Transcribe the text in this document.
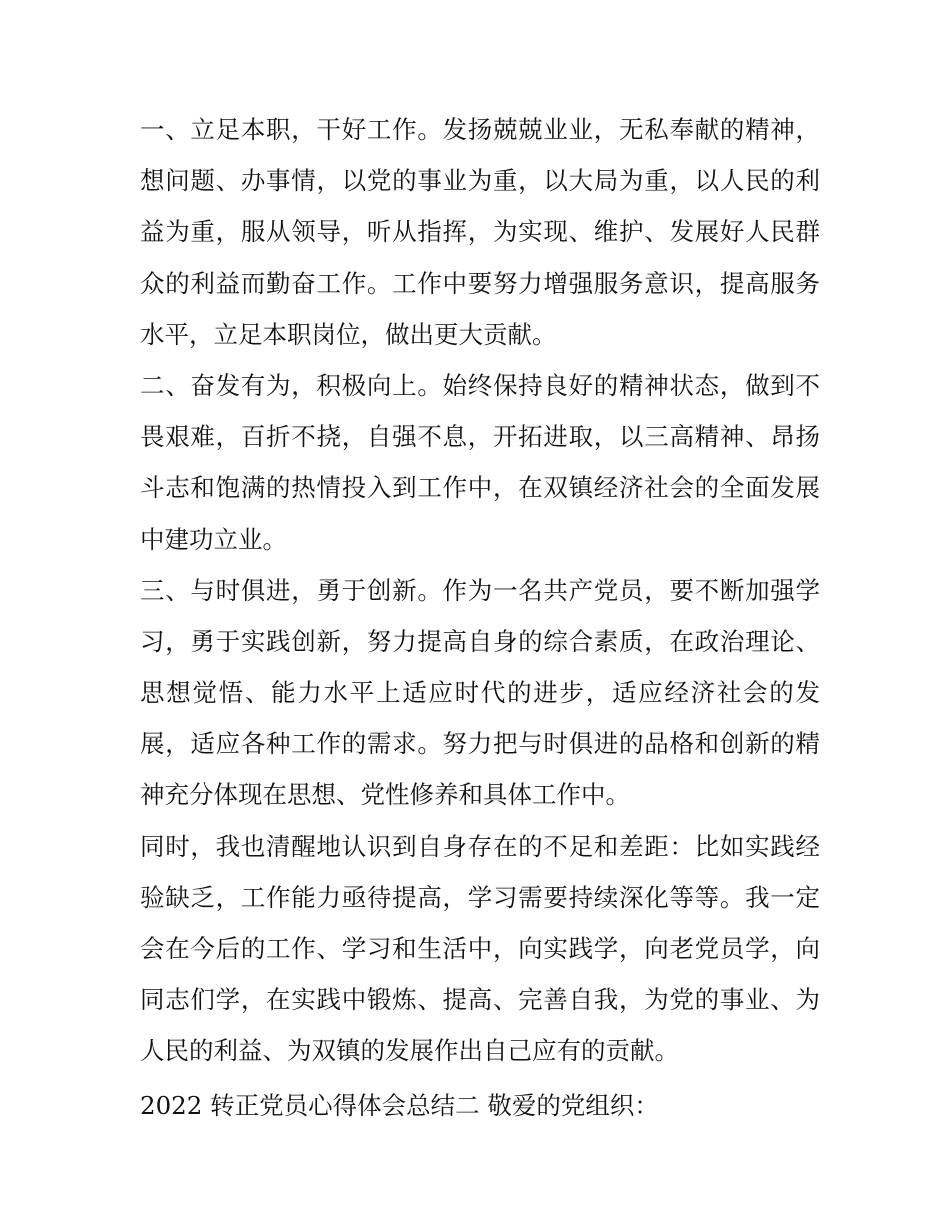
一、立足本职，干好工作。发扬兢兢业业，无私奉献的精神，
想问题、办事情，以党的事业为重，以大局为重，以人民的利
益为重，服从领导，听从指挥，为实现、维护、发展好人民群
众的利益而勤奋工作。工作中要努力增强服务意识，提高服务
水平，立足本职岗位，做出更大贡献。
二、奋发有为，积极向上。始终保持良好的精神状态，做到不
畏艰难，百折不挠，自强不息，开拓进取，以三高精神、昂扬
斗志和饱满的热情投入到工作中，在双镇经济社会的全面发展
中建功立业。
三、与时俱进，勇于创新。作为一名共产党员，要不断加强学
习，勇于实践创新，努力提高自身的综合素质，在政治理论、
思想觉悟、能力水平上适应时代的进步，适应经济社会的发
展，适应各种工作的需求。努力把与时俱进的品格和创新的精
神充分体现在思想、党性修养和具体工作中。
同时，我也清醒地认识到自身存在的不足和差距：比如实践经
验缺乏，工作能力亟待提高，学习需要持续深化等等。我一定
会在今后的工作、学习和生活中，向实践学，向老党员学，向
同志们学，在实践中锻炼、提高、完善自我，为党的事业、为
人民的利益、为双镇的发展作出自己应有的贡献。
2022 转正党员心得体会总结二 敬爱的党组织：
